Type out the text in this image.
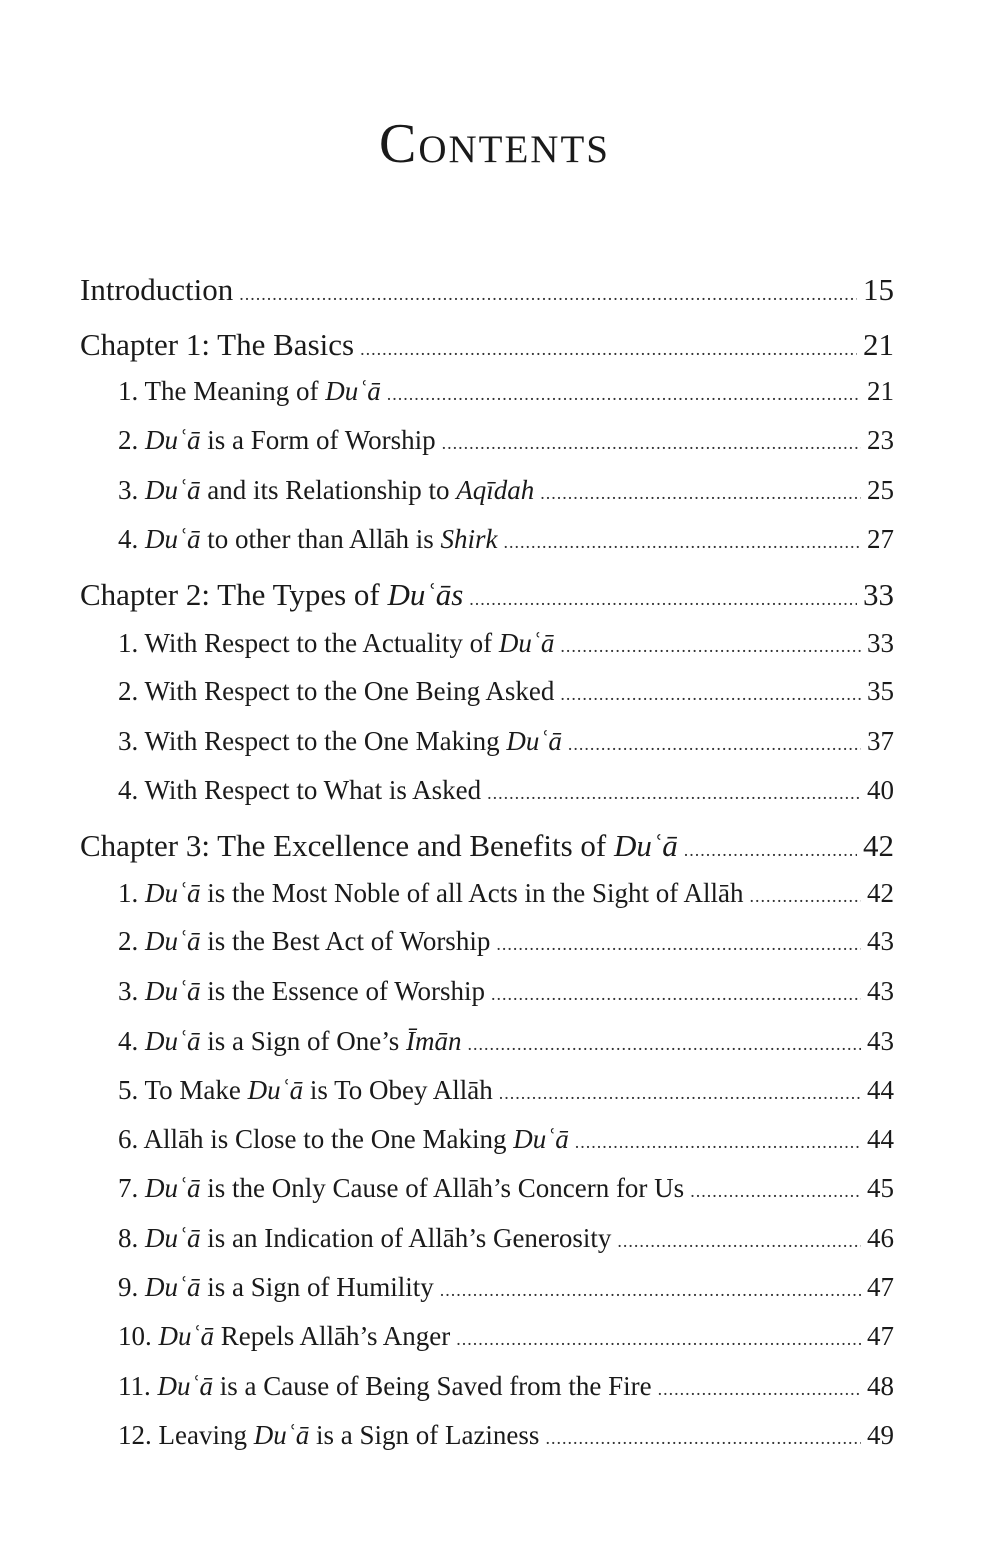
Contents
Introduction .....	15
Chapter 1: The Basics .....	21
1. The Meaning of Duʿā .....	21
2. Duʿā is a Form of Worship .....	23
3. Duʿā and its Relationship to Aqīdah .....	25
4. Duʿā to other than Allāh is Shirk .....	27
Chapter 2: The Types of Duʿās .....	33
1. With Respect to the Actuality of Duʿā .....	33
2. With Respect to the One Being Asked .....	35
3. With Respect to the One Making Duʿā .....	37
4. With Respect to What is Asked .....	40
Chapter 3: The Excellence and Benefits of Duʿā .....	42
1. Duʿā is the Most Noble of all Acts in the Sight of Allāh .....	42
2. Duʿā is the Best Act of Worship .....	43
3. Duʿā is the Essence of Worship .....	43
4. Duʿā is a Sign of One’s Īmān .....	43
5. To Make Duʿā is To Obey Allāh .....	44
6. Allāh is Close to the One Making Duʿā .....	44
7. Duʿā is the Only Cause of Allāh’s Concern for Us .....	45
8. Duʿā is an Indication of Allāh’s Generosity .....	46
9. Duʿā is a Sign of Humility .....	47
10. Duʿā Repels Allāh’s Anger .....	47
11. Duʿā is a Cause of Being Saved from the Fire .....	48
12. Leaving Duʿā is a Sign of Laziness .....	49
